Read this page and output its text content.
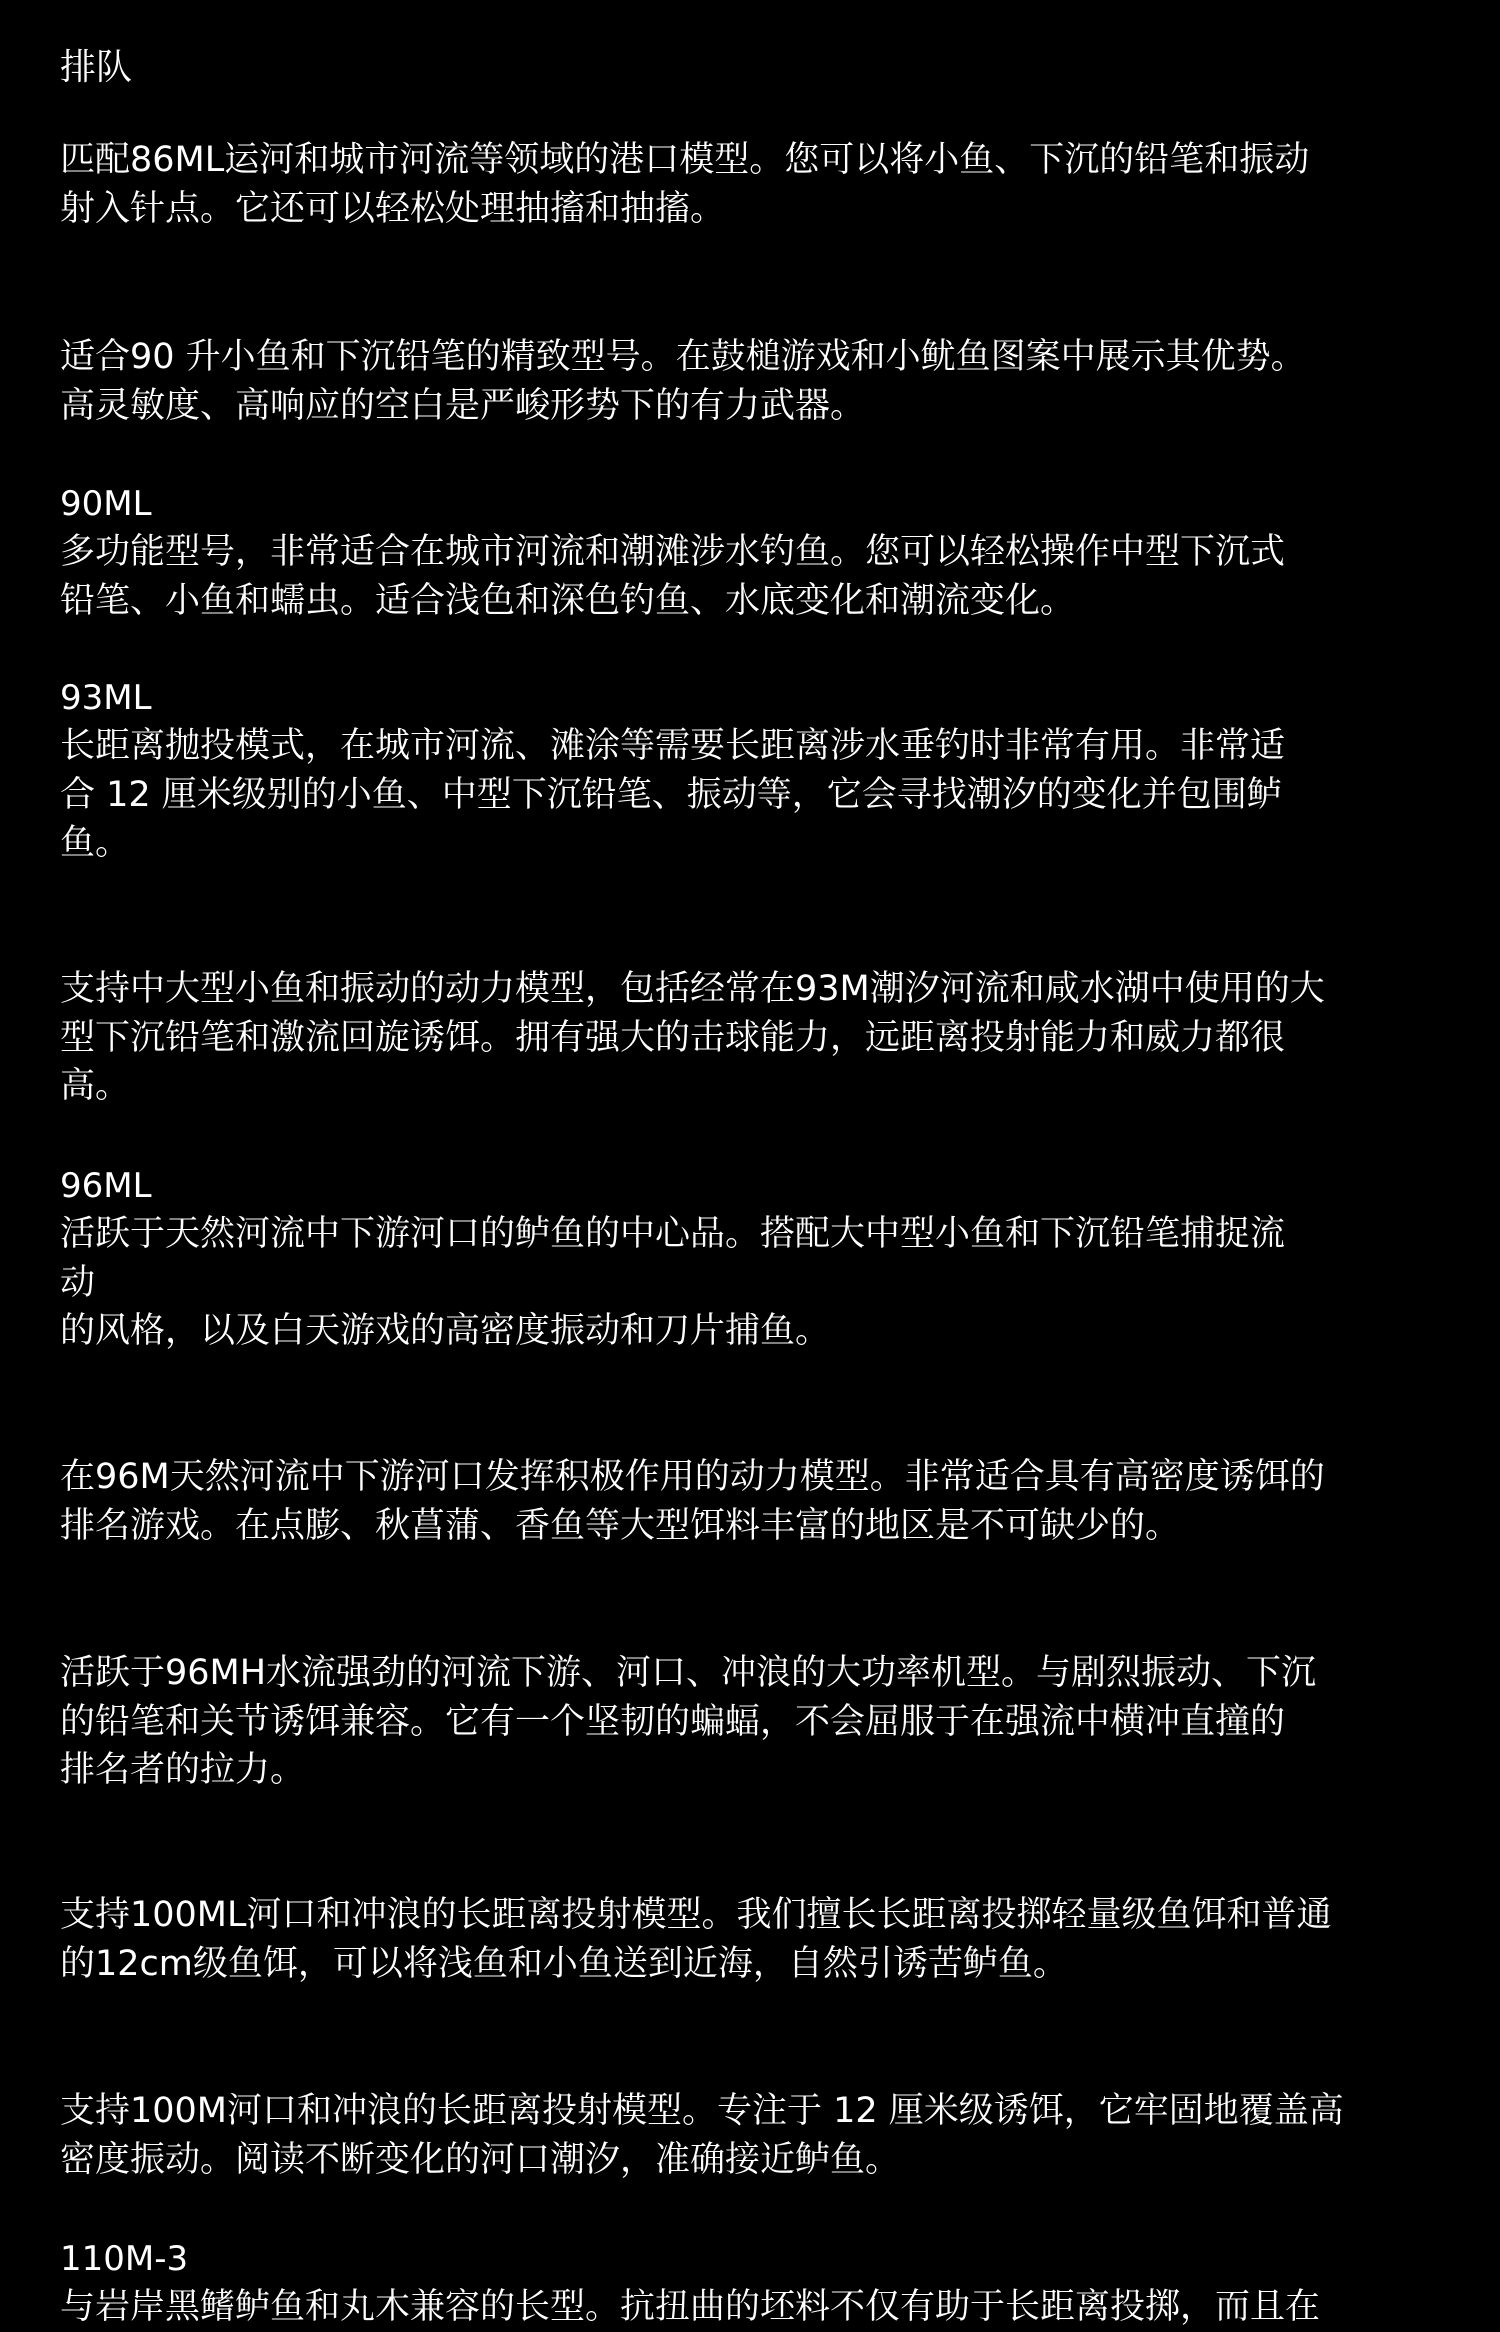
排队
匹配86ML运河和城市河流等领域的港口模型。您可以将小鱼、下沉的铅笔和振动
射入针点。它还可以轻松处理抽搐和抽搐。
适合90 升小鱼和下沉铅笔的精致型号。在鼓槌游戏和小鱿鱼图案中展示其优势。
高灵敏度、高响应的空白是严峻形势下的有力武器。
90ML
多功能型号，非常适合在城市河流和潮滩涉水钓鱼。您可以轻松操作中型下沉式
铅笔、小鱼和蠕虫。适合浅色和深色钓鱼、水底变化和潮流变化。
93ML
长距离抛投模式，在城市河流、滩涂等需要长距离涉水垂钓时非常有用。非常适
合 12 厘米级别的小鱼、中型下沉铅笔、振动等，它会寻找潮汐的变化并包围鲈
鱼。
支持中大型小鱼和振动的动力模型，包括经常在93M潮汐河流和咸水湖中使用的大
型下沉铅笔和激流回旋诱饵。拥有强大的击球能力，远距离投射能力和威力都很
高。
96ML
活跃于天然河流中下游河口的鲈鱼的中心品。搭配大中型小鱼和下沉铅笔捕捉流
动
的风格，以及白天游戏的高密度振动和刀片捕鱼。
在96M天然河流中下游河口发挥积极作用的动力模型。非常适合具有高密度诱饵的
排名游戏。在点膨、秋菖蒲、香鱼等大型饵料丰富的地区是不可缺少的。
活跃于96MH水流强劲的河流下游、河口、冲浪的大功率机型。与剧烈振动、下沉
的铅笔和关节诱饵兼容。它有一个坚韧的蝙蝠，不会屈服于在强流中横冲直撞的
排名者的拉力。
支持100ML河口和冲浪的长距离投射模型。我们擅长长距离投掷轻量级鱼饵和普通
的12cm级鱼饵，可以将浅鱼和小鱼送到近海，自然引诱苦鲈鱼。
支持100M河口和冲浪的长距离投射模型。专注于 12 厘米级诱饵，它牢固地覆盖高
密度振动。阅读不断变化的河口潮汐，准确接近鲈鱼。
110M-3
与岩岸黑鳍鲈鱼和丸木兼容的长型。抗扭曲的坯料不仅有助于长距离投掷，而且在
